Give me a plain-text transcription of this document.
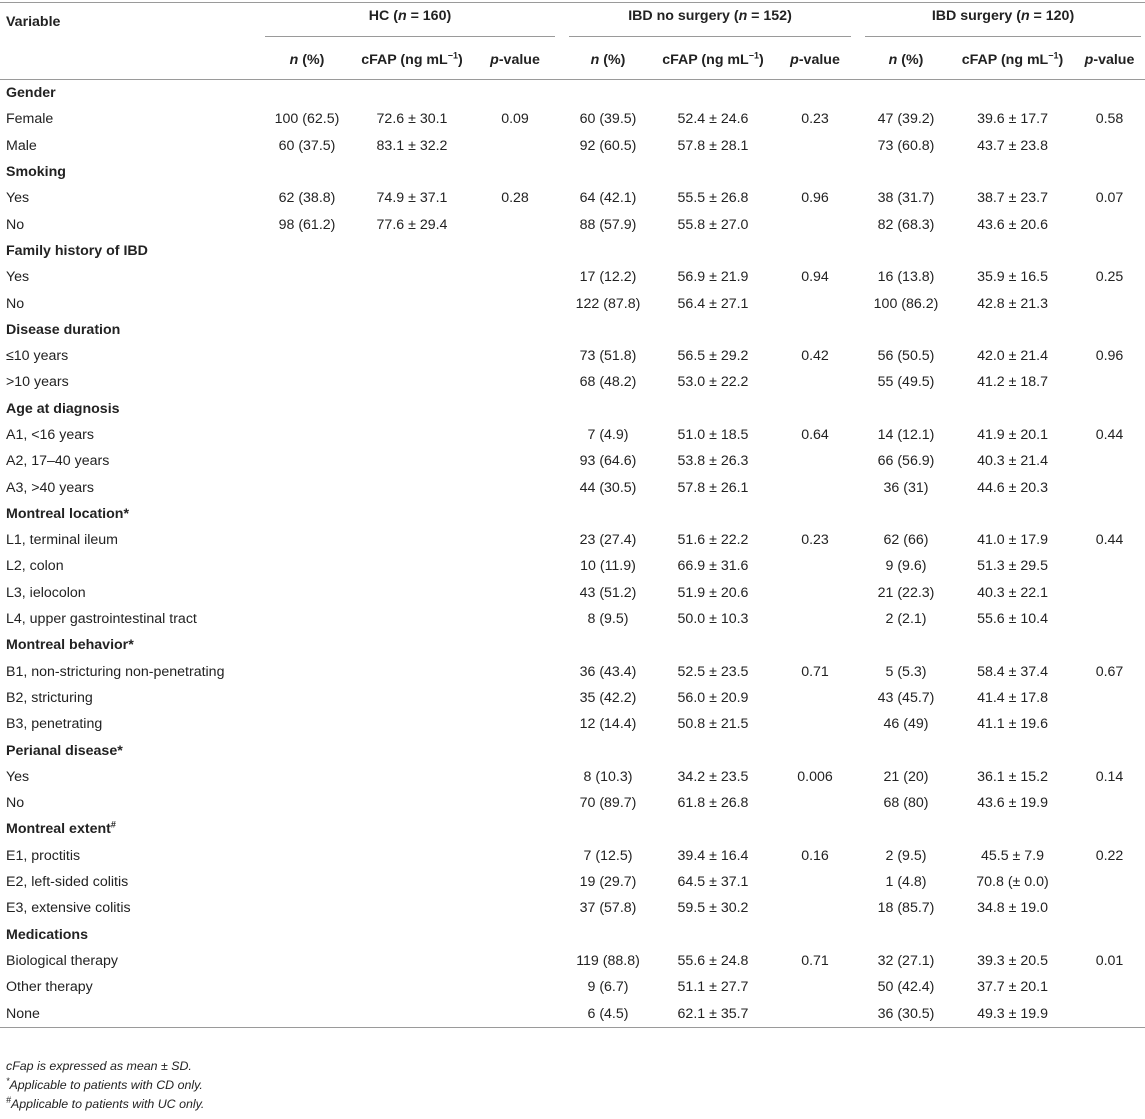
Variable	HC (n = 160)			IBD no surgery (n = 152)			IBD surgery (n = 120)		

	n (%)	cFAP (ng $mL^{-1}$)	p-value	n (%)	cFAP (ng $mL^{-1}$)	p-value	n (%)	cFAP (ng $mL^{-1}$)	p-value
Gender									
Female	100 (62.5)	72.6 ± 30.1	0.09	60 (39.5)	52.4 ± 24.6	0.23	47 (39.2)	39.6 ± 17.7	0.58
Male	60 (37.5)	83.1 ± 32.2		92 (60.5)	57.8 ± 28.1		73 (60.8)	43.7 ± 23.8	
Smoking									
Yes	62 (38.8)	74.9 ± 37.1	0.28	64 (42.1)	55.5 ± 26.8	0.96	38 (31.7)	38.7 ± 23.7	0.07
No	98 (61.2)	77.6 ± 29.4		88 (57.9)	55.8 ± 27.0		82 (68.3)	43.6 ± 20.6	
Family history of IBD									
Yes				17 (12.2)	56.9 ± 21.9	0.94	16 (13.8)	35.9 ± 16.5	0.25
No				122 (87.8)	56.4 ± 27.1		100 (86.2)	42.8 ± 21.3	
Disease duration									
≤10 years				73 (51.8)	56.5 ± 29.2	0.42	56 (50.5)	42.0 ± 21.4	0.96
>10 years				68 (48.2)	53.0 ± 22.2		55 (49.5)	41.2 ± 18.7	
Age at diagnosis									
A1, <16 years				7 (4.9)	51.0 ± 18.5	0.64	14 (12.1)	41.9 ± 20.1	0.44
A2, 17–40 years				93 (64.6)	53.8 ± 26.3		66 (56.9)	40.3 ± 21.4	
A3, >40 years				44 (30.5)	57.8 ± 26.1		36 (31)	44.6 ± 20.3	
Montreal location*									
L1, terminal ileum				23 (27.4)	51.6 ± 22.2	0.23	62 (66)	41.0 ± 17.9	0.44
L2, colon				10 (11.9)	66.9 ± 31.6		9 (9.6)	51.3 ± 29.5	
L3, ielocolon				43 (51.2)	51.9 ± 20.6		21 (22.3)	40.3 ± 22.1	
L4, upper gastrointestinal tract				8 (9.5)	50.0 ± 10.3		2 (2.1)	55.6 ± 10.4	
Montreal behavior*									
B1, non-stricturing non-penetrating				36 (43.4)	52.5 ± 23.5	0.71	5 (5.3)	58.4 ± 37.4	0.67
B2, stricturing				35 (42.2)	56.0 ± 20.9		43 (45.7)	41.4 ± 17.8	
B3, penetrating				12 (14.4)	50.8 ± 21.5		46 (49)	41.1 ± 19.6	
Perianal disease*									
Yes				8 (10.3)	34.2 ± 23.5	0.006	21 (20)	36.1 ± 15.2	0.14
No				70 (89.7)	61.8 ± 26.8		68 (80)	43.6 ± 19.9	
Montreal extent#
E1, proctitis				7 (12.5)	39.4 ± 16.4	0.16	2 (9.5)	45.5 ± 7.9	0.22
E2, left-sided colitis				19 (29.7)	64.5 ± 37.1		1 (4.8)	70.8 (± 0.0)	
E3, extensive colitis				37 (57.8)	59.5 ± 30.2		18 (85.7)	34.8 ± 19.0	
Medications									
Biological therapy				119 (88.8)	55.6 ± 24.8	0.71	32 (27.1)	39.3 ± 20.5	0.01
Other therapy				9 (6.7)	51.1 ± 27.7		50 (42.4)	37.7 ± 20.1	
None				6 (4.5)	62.1 ± 35.7		36 (30.5)	49.3 ± 19.9	
cFap is expressed as mean ± SD.
*Applicable to patients with CD only.
#Applicable to patients with UC only.
